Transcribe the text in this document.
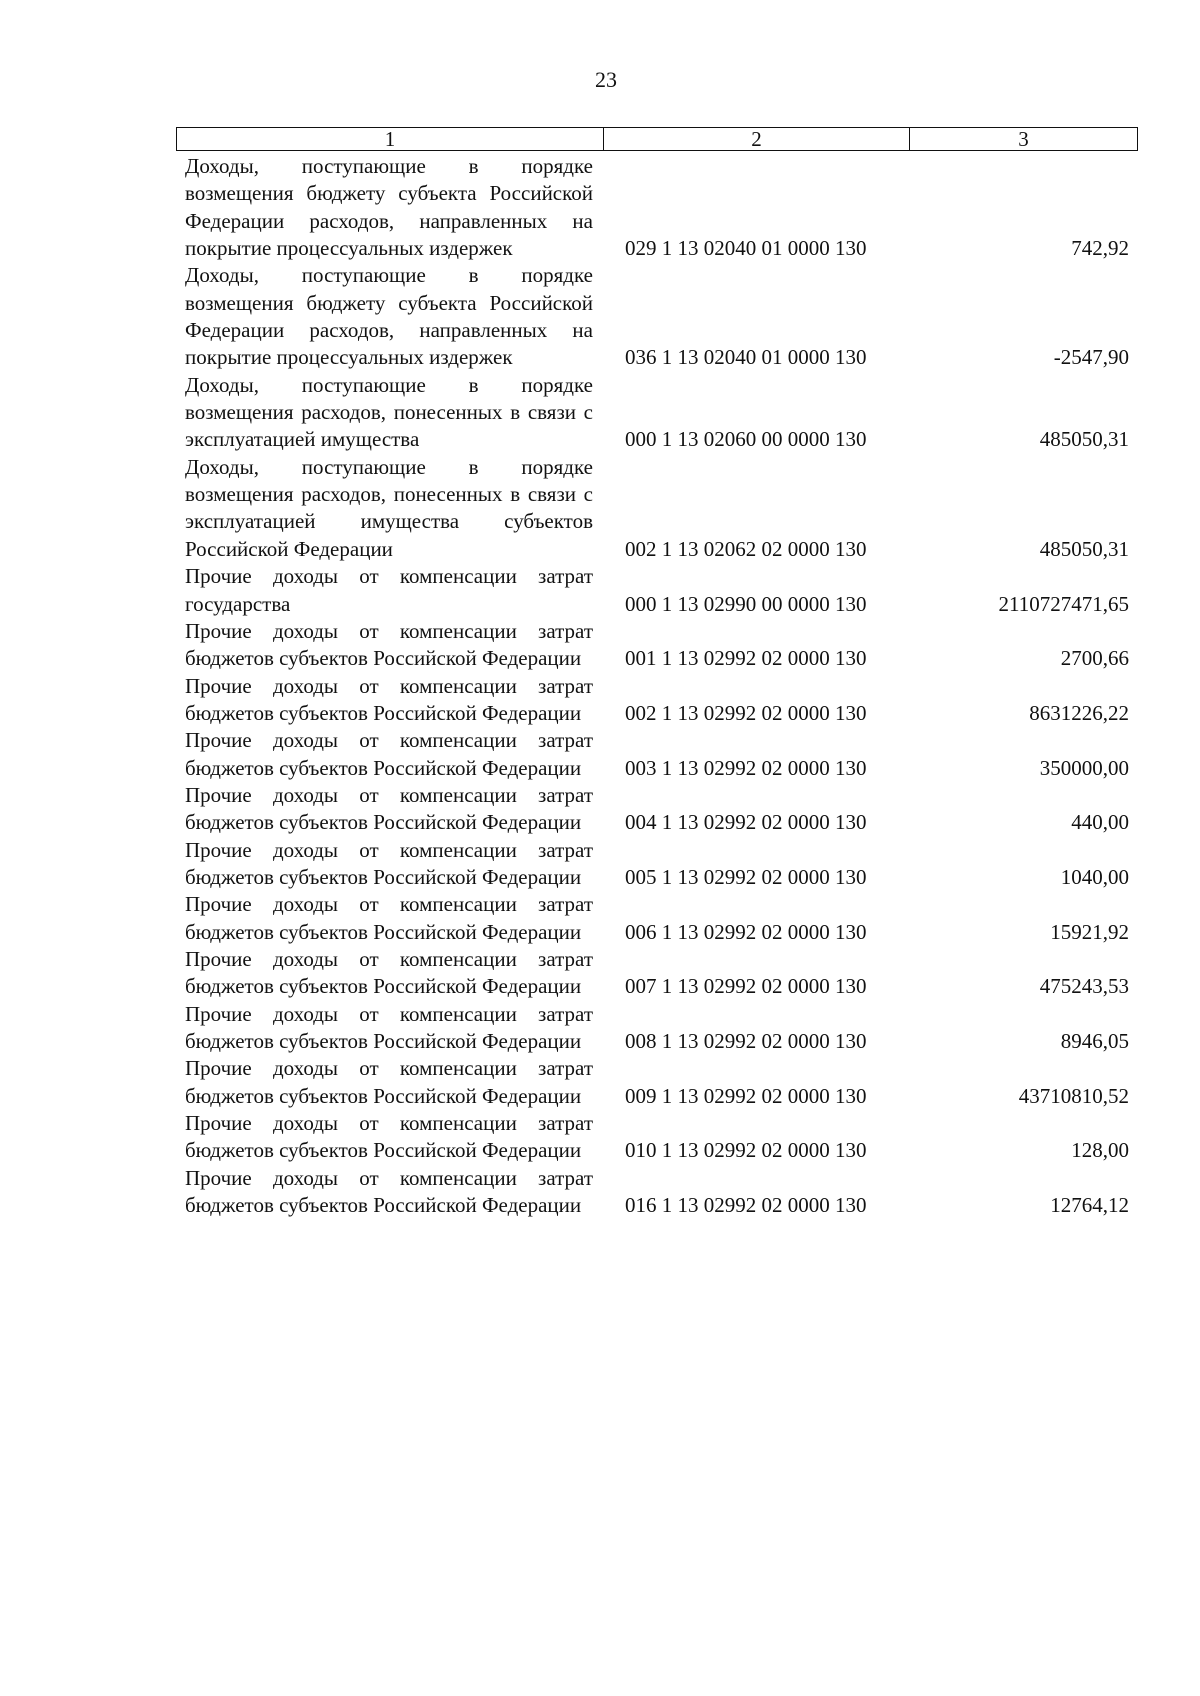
23
1	2	3
Доходы, поступающие в порядке возмещения бюджету субъекта Российской Федерации расходов, направленных на покрытие процессуальных издержек	029 1 13 02040 01 0000 130	742,92
Доходы, поступающие в порядке возмещения бюджету субъекта Российской Федерации расходов, направленных на покрытие процессуальных издержек	036 1 13 02040 01 0000 130	-2547,90
Доходы, поступающие в порядке возмещения расходов, понесенных в связи с эксплуатацией имущества	000 1 13 02060 00 0000 130	485050,31
Доходы, поступающие в порядке возмещения расходов, понесенных в связи с эксплуатацией имущества субъектов Российской Федерации	002 1 13 02062 02 0000 130	485050,31
Прочие доходы от компенсации затрат государства	000 1 13 02990 00 0000 130	2110727471,65
Прочие доходы от компенсации затрат бюджетов субъектов Российской Федерации	001 1 13 02992 02 0000 130	2700,66
Прочие доходы от компенсации затрат бюджетов субъектов Российской Федерации	002 1 13 02992 02 0000 130	8631226,22
Прочие доходы от компенсации затрат бюджетов субъектов Российской Федерации	003 1 13 02992 02 0000 130	350000,00
Прочие доходы от компенсации затрат бюджетов субъектов Российской Федерации	004 1 13 02992 02 0000 130	440,00
Прочие доходы от компенсации затрат бюджетов субъектов Российской Федерации	005 1 13 02992 02 0000 130	1040,00
Прочие доходы от компенсации затрат бюджетов субъектов Российской Федерации	006 1 13 02992 02 0000 130	15921,92
Прочие доходы от компенсации затрат бюджетов субъектов Российской Федерации	007 1 13 02992 02 0000 130	475243,53
Прочие доходы от компенсации затрат бюджетов субъектов Российской Федерации	008 1 13 02992 02 0000 130	8946,05
Прочие доходы от компенсации затрат бюджетов субъектов Российской Федерации	009 1 13 02992 02 0000 130	43710810,52
Прочие доходы от компенсации затрат бюджетов субъектов Российской Федерации	010 1 13 02992 02 0000 130	128,00
Прочие доходы от компенсации затрат бюджетов субъектов Российской Федерации	016 1 13 02992 02 0000 130	12764,12
